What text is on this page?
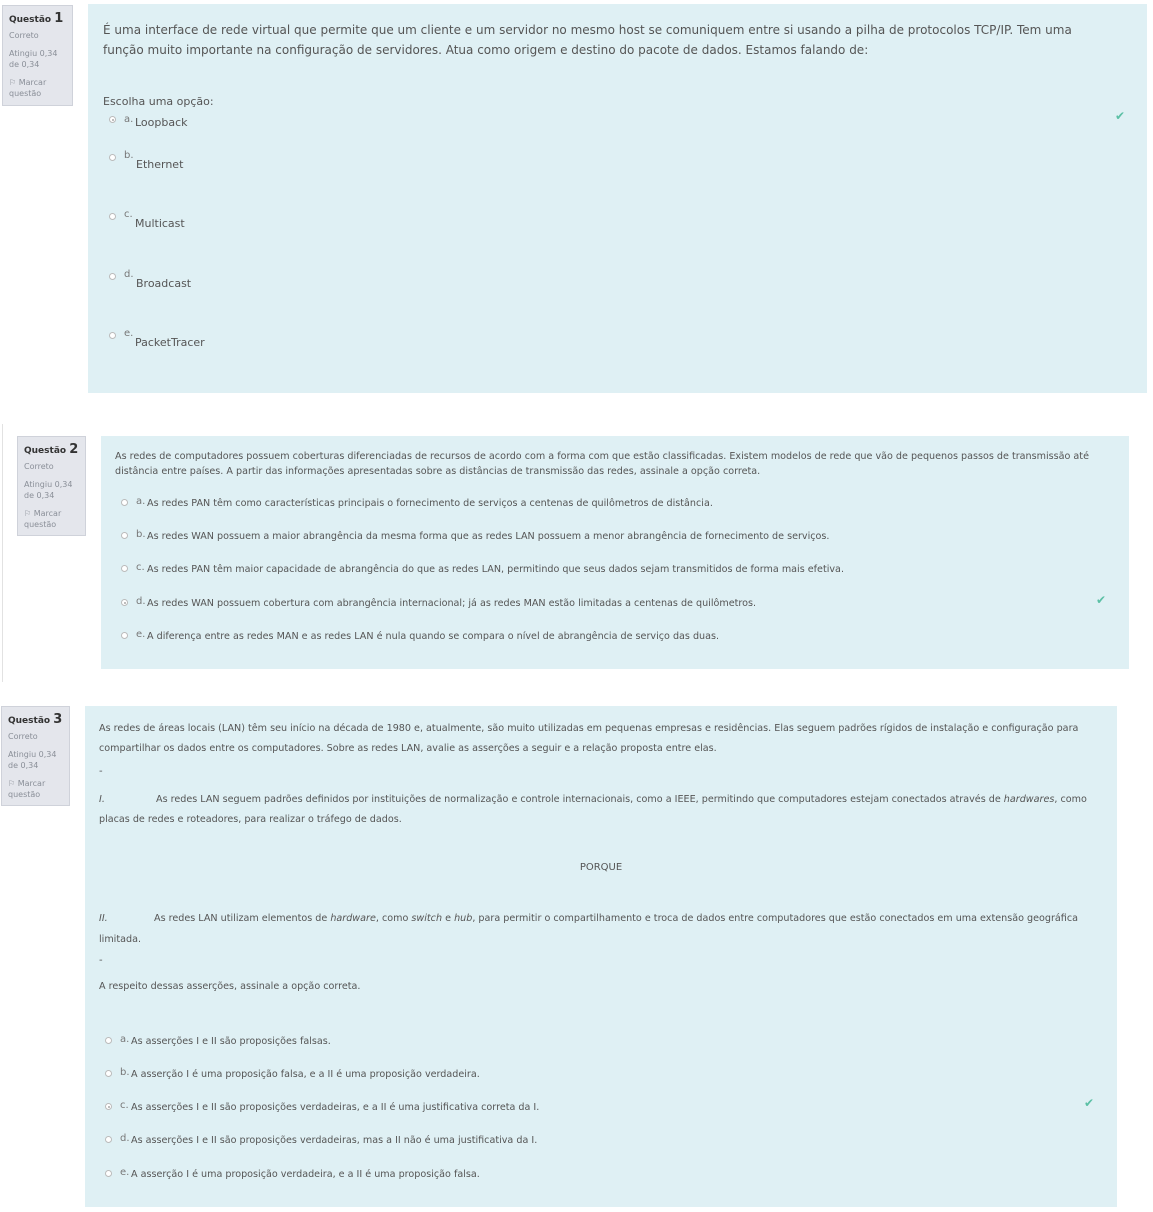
Questão 1
Correto
Atingiu 0,34 de 0,34
⚐ Marcar questão
É uma interface de rede virtual que permite que um cliente e um servidor no mesmo host se comuniquem entre si usando a pilha de protocolos TCP/IP. Tem uma função muito importante na configuração de servidores. Atua como origem e destino do pacote de dados. Estamos falando de:
Escolha uma opção:
a. Loopback
b.
Ethernet
c.
Multicast
d.
Broadcast
e.
PacketTracer
✔
Questão 2
Correto
Atingiu 0,34 de 0,34
⚐ Marcar questão
As redes de computadores possuem coberturas diferenciadas de recursos de acordo com a forma com que estão classificadas. Existem modelos de rede que vão de pequenos passos de transmissão até distância entre países. A partir das informações apresentadas sobre as distâncias de transmissão das redes, assinale a opção correta.
a. As redes PAN têm como características principais o fornecimento de serviços a centenas de quilômetros de distância.
b. As redes WAN possuem a maior abrangência da mesma forma que as redes LAN possuem a menor abrangência de fornecimento de serviços.
c. As redes PAN têm maior capacidade de abrangência do que as redes LAN, permitindo que seus dados sejam transmitidos de forma mais efetiva.
d. As redes WAN possuem cobertura com abrangência internacional; já as redes MAN estão limitadas a centenas de quilômetros.
e. A diferença entre as redes MAN e as redes LAN é nula quando se compara o nível de abrangência de serviço das duas.
✔
Questão 3
Correto
Atingiu 0,34 de 0,34
⚐ Marcar questão
As redes de áreas locais (LAN) têm seu início na década de 1980 e, atualmente, são muito utilizadas em pequenas empresas e residências. Elas seguem padrões rígidos de instalação e configuração para compartilhar os dados entre os computadores. Sobre as redes LAN, avalie as asserções a seguir e a relação proposta entre elas.
-
I.	As redes LAN seguem padrões definidos por instituições de normalização e controle internacionais, como a IEEE, permitindo que computadores estejam conectados através de hardwares, como placas de redes e roteadores, para realizar o tráfego de dados.
PORQUE
II.	As redes LAN utilizam elementos de hardware, como switch e hub, para permitir o compartilhamento e troca de dados entre computadores que estão conectados em uma extensão geográfica limitada.
-
A respeito dessas asserções, assinale a opção correta.
a. As asserções I e II são proposições falsas.
b. A asserção I é uma proposição falsa, e a II é uma proposição verdadeira.
c. As asserções I e II são proposições verdadeiras, e a II é uma justificativa correta da I.
d. As asserções I e II são proposições verdadeiras, mas a II não é uma justificativa da I.
e. A asserção I é uma proposição verdadeira, e a II é uma proposição falsa.
✔
